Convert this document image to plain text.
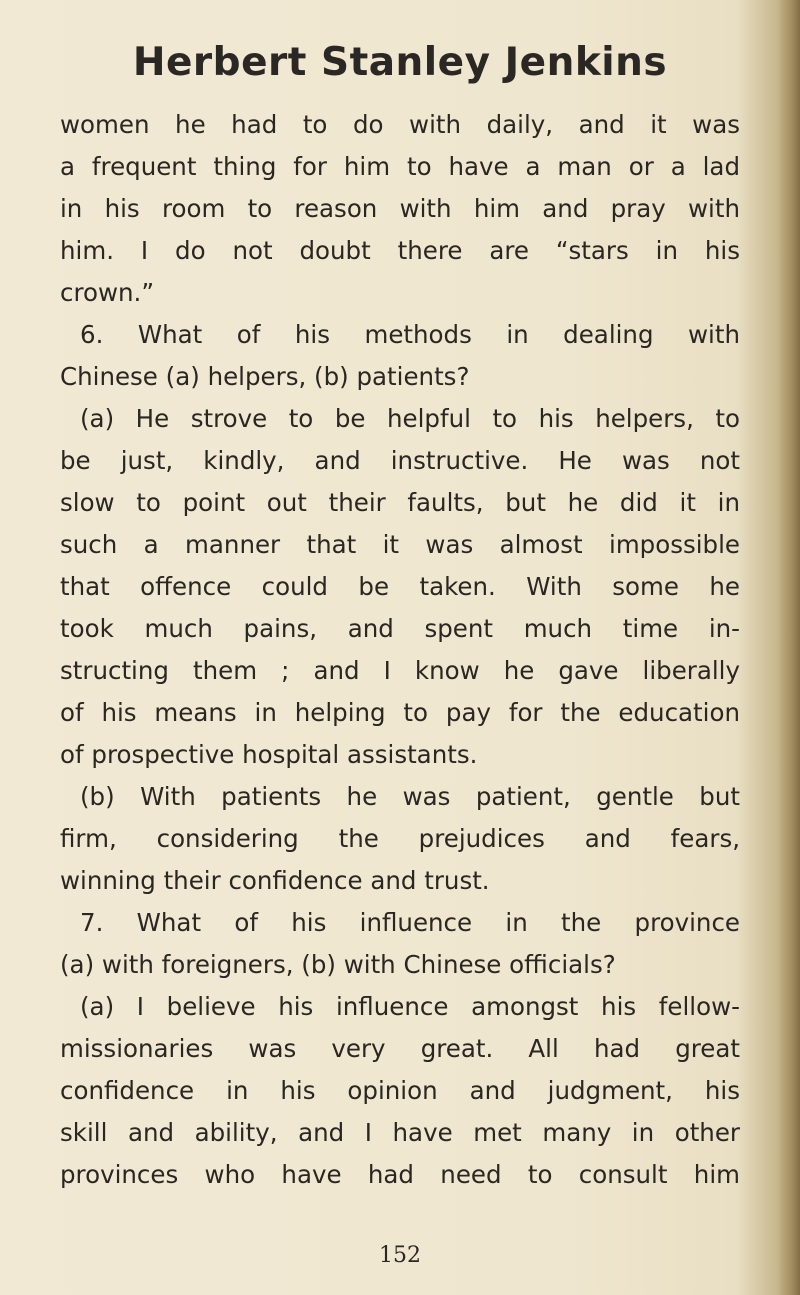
Herbert Stanley Jenkins

women he had to do with daily, and it was

a frequent thing for him to have a man or a lad

in his room to reason with him and pray with

him. I do not doubt there are “stars in his

crown.”

6. What of his methods in dealing with

Chinese (a) helpers, (b) patients?

(a) He strove to be helpful to his helpers, to

be just, kindly, and instructive. He was not

slow to point out their faults, but he did it in

such a manner that it was almost impossible

that offence could be taken. With some he

took much pains, and spent much time in-

structing them ; and I know he gave liberally

of his means in helping to pay for the education

of prospective hospital assistants.

(b) With patients he was patient, gentle but

firm, considering the prejudices and fears,

winning their confidence and trust.

7. What of his influence in the province

(a) with foreigners, (b) with Chinese officials?

(a) I believe his influence amongst his fellow-

missionaries was very great. All had great

confidence in his opinion and judgment, his

skill and ability, and I have met many in other

provinces who have had need to consult him

152
